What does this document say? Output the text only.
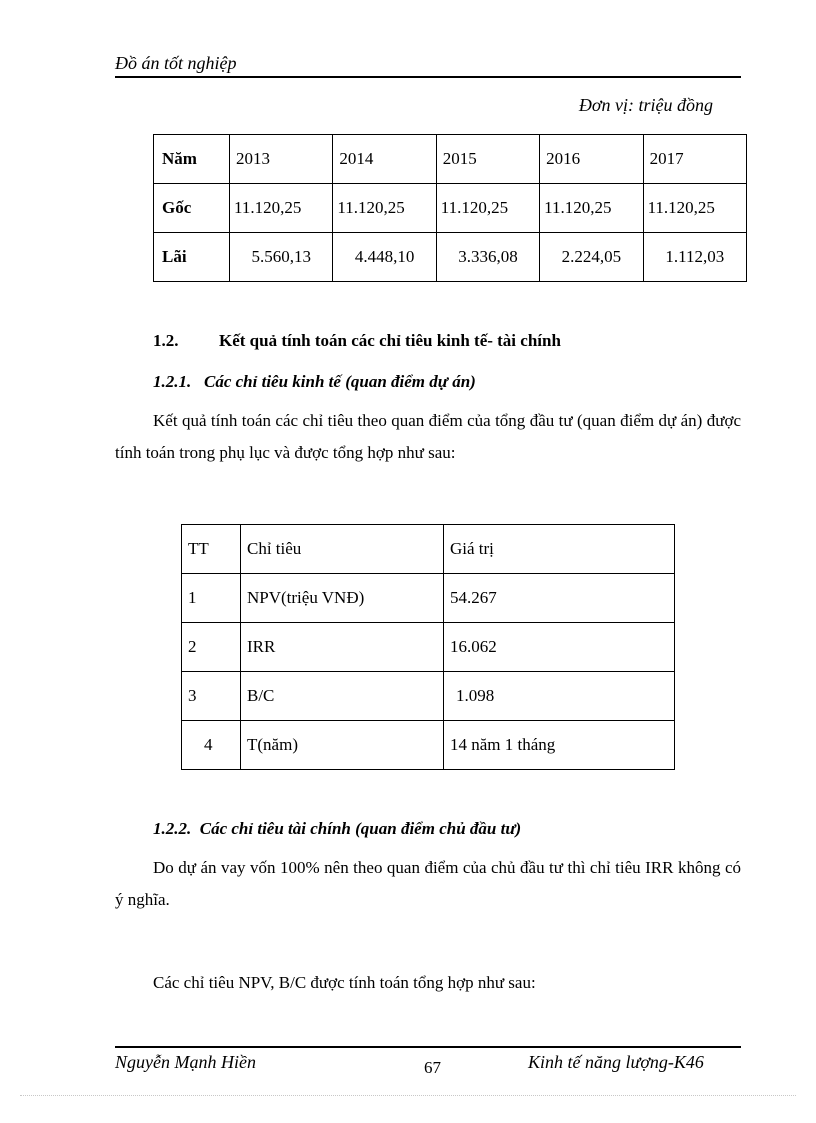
Đồ án tốt nghiệp
Đơn vị: triệu đồng
Năm	2013	2014	2015	2016	2017
Gốc	11.120,25	11.120,25	11.120,25	11.120,25	11.120,25
Lãi	5.560,13	4.448,10	3.336,08	2.224,05	1.112,03
1.2. Kết quả tính toán các chỉ tiêu kinh tế- tài chính
1.2.1.   Các chỉ tiêu kinh tế (quan điểm dự án)
Kết quả tính toán các chỉ tiêu theo quan điểm của tổng đầu tư (quan điểm dự án) được tính toán trong phụ lục và được tổng hợp như sau:
TT	Chỉ tiêu	Giá trị
1	NPV(triệu VNĐ)	54.267
2	IRR	16.062
3	B/C	1.098
4	T(năm)	14 năm 1 tháng
1.2.2.  Các chỉ tiêu tài chính (quan điểm chủ đầu tư)
Do dự án vay vốn 100% nên theo quan điểm của chủ đầu tư thì chỉ tiêu IRR không có ý nghĩa.
Các chỉ tiêu NPV, B/C được tính toán tổng hợp như sau:
Nguyễn Mạnh Hiền	67	Kinh tế năng lượng-K46
